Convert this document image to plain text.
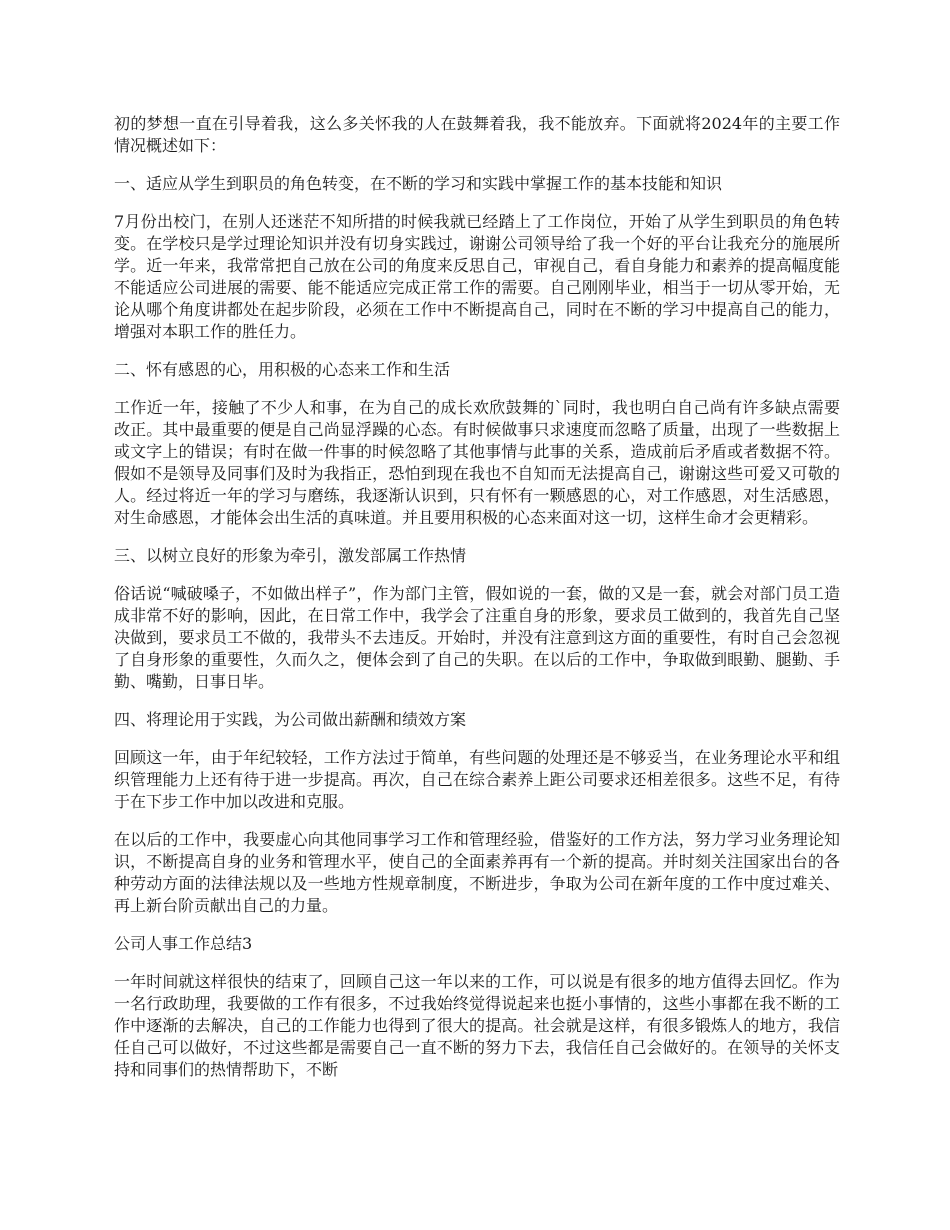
初的梦想一直在引导着我，这么多关怀我的人在鼓舞着我，我不能放弃。下面就将2024年的主要工作情况概述如下：

一、适应从学生到职员的角色转变，在不断的学习和实践中掌握工作的基本技能和知识

7月份出校门，在别人还迷茫不知所措的时候我就已经踏上了工作岗位，开始了从学生到职员的角色转变。在学校只是学过理论知识并没有切身实践过，谢谢公司领导给了我一个好的平台让我充分的施展所学。近一年来，我常常把自己放在公司的角度来反思自己，审视自己，看自身能力和素养的提高幅度能不能适应公司进展的需要、能不能适应完成正常工作的需要。自己刚刚毕业，相当于一切从零开始，无论从哪个角度讲都处在起步阶段，必须在工作中不断提高自己，同时在不断的学习中提高自己的能力，增强对本职工作的胜任力。

二、怀有感恩的心，用积极的心态来工作和生活

工作近一年，接触了不少人和事，在为自己的成长欢欣鼓舞的`同时，我也明白自己尚有许多缺点需要改正。其中最重要的便是自己尚显浮躁的心态。有时候做事只求速度而忽略了质量，出现了一些数据上或文字上的错误；有时在做一件事的时候忽略了其他事情与此事的关系，造成前后矛盾或者数据不符。假如不是领导及同事们及时为我指正，恐怕到现在我也不自知而无法提高自己，谢谢这些可爱又可敬的人。经过将近一年的学习与磨练，我逐渐认识到，只有怀有一颗感恩的心，对工作感恩，对生活感恩，对生命感恩，才能体会出生活的真味道。并且要用积极的心态来面对这一切，这样生命才会更精彩。

三、以树立良好的形象为牵引，激发部属工作热情

俗话说“喊破嗓子，不如做出样子”，作为部门主管，假如说的一套，做的又是一套，就会对部门员工造成非常不好的影响，因此，在日常工作中，我学会了注重自身的形象，要求员工做到的，我首先自己坚决做到，要求员工不做的，我带头不去违反。开始时，并没有注意到这方面的重要性，有时自己会忽视了自身形象的重要性，久而久之，便体会到了自己的失职。在以后的工作中，争取做到眼勤、腿勤、手勤、嘴勤，日事日毕。

四、将理论用于实践，为公司做出薪酬和绩效方案

回顾这一年，由于年纪较轻，工作方法过于简单，有些问题的处理还是不够妥当，在业务理论水平和组织管理能力上还有待于进一步提高。再次，自己在综合素养上距公司要求还相差很多。这些不足，有待于在下步工作中加以改进和克服。

在以后的工作中，我要虚心向其他同事学习工作和管理经验，借鉴好的工作方法，努力学习业务理论知识，不断提高自身的业务和管理水平，使自己的全面素养再有一个新的提高。并时刻关注国家出台的各种劳动方面的法律法规以及一些地方性规章制度，不断进步，争取为公司在新年度的工作中度过难关、再上新台阶贡献出自己的力量。

公司人事工作总结3

一年时间就这样很快的结束了，回顾自己这一年以来的工作，可以说是有很多的地方值得去回忆。作为一名行政助理，我要做的工作有很多，不过我始终觉得说起来也挺小事情的，这些小事都在我不断的工作中逐渐的去解决，自己的工作能力也得到了很大的提高。社会就是这样，有很多锻炼人的地方，我信任自己可以做好，不过这些都是需要自己一直不断的努力下去，我信任自己会做好的。在领导的关怀支持和同事们的热情帮助下，不断
